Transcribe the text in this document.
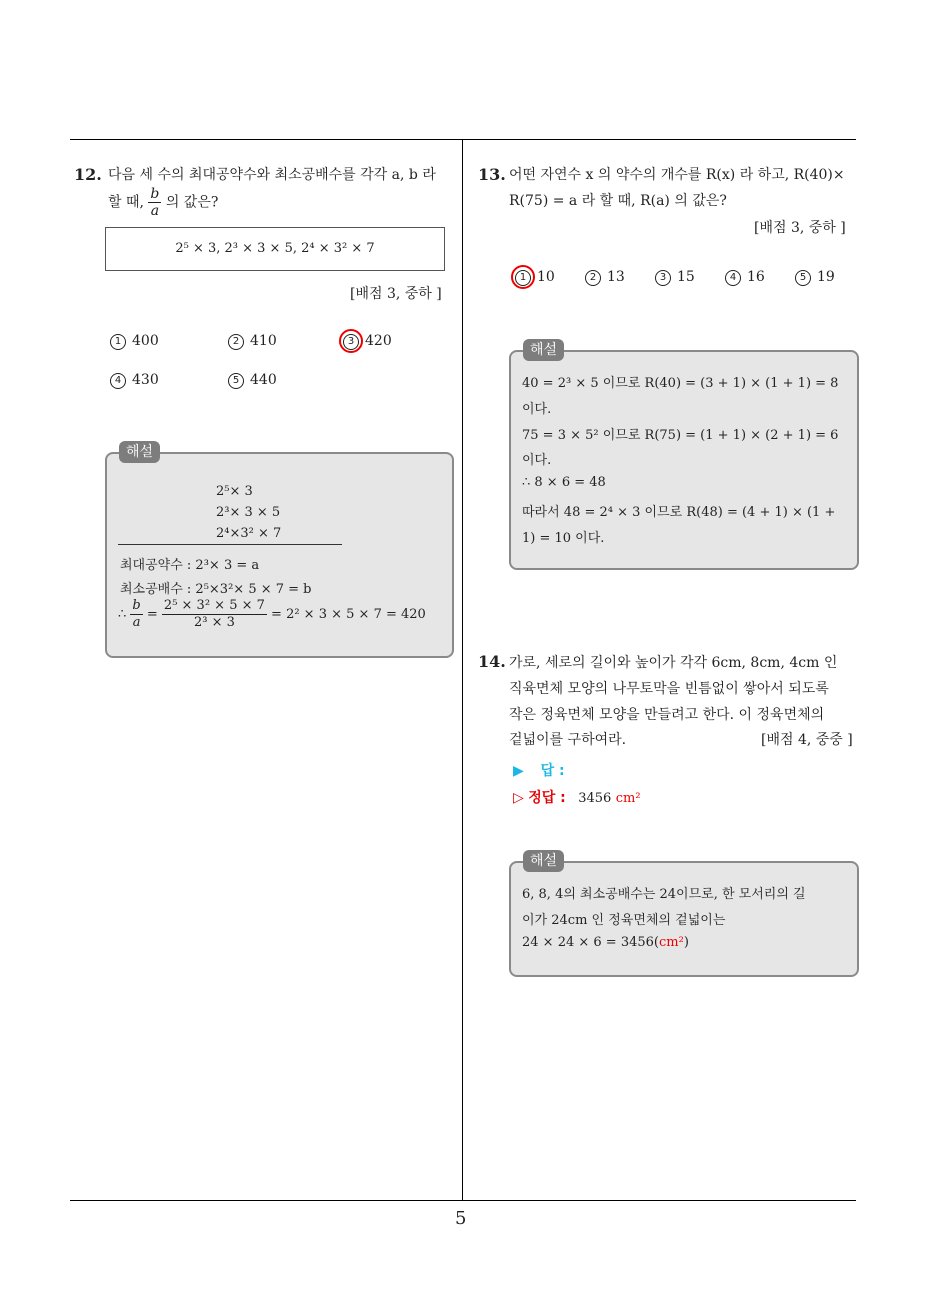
5
12. 다음 세 수의 최대공약수와 최소공배수를 각각 a, b 라
할 때, $\frac{b}{a}$ 의 값은?
2⁵ × 3, 2³ × 3 × 5, 2⁴ × 3² × 7
[배점 3, 중하 ]
1 400	2 410	3 420
4 430	5 440
해설
2⁵× 3
2³× 3 × 5
2⁴×3² × 7
최대공약수 : 2³× 3 = a
최소공배수 : 2⁵×3²× 5 × 7 = b
∴ $\frac{b}{a} = \frac{\text{2⁵ × 3² × 5 × 7}}{\text{2³ × 3}} = 2^2 \times 3 \times 5 \times 7 = 420$
13. 어떤 자연수 x 의 약수의 개수를 R(x) 라 하고, R(40)×
R(75) = a 라 할 때, R(a) 의 값은?
[배점 3, 중하 ]
1 10	2 13	3 15	4 16	5 19
해설
40 = 2³ × 5 이므로 R(40) = (3 + 1) × (1 + 1) = 8
이다.
75 = 3 × 5² 이므로 R(75) = (1 + 1) × (2 + 1) = 6
이다.
∴ 8 × 6 = 48
따라서 48 = 2⁴ × 3 이므로 R(48) = (4 + 1) × (1 +
1) = 10 이다.
14. 가로, 세로의 길이와 높이가 각각 6cm, 8cm, 4cm 인
직육면체 모양의 나무토막을 빈틈없이 쌓아서 되도록
작은 정육면체 모양을 만들려고 한다. 이 정육면체의
겉넓이를 구하여라.	[배점 4, 중중 ]
▶ 답 :
▷ 정답 : 3456 cm²
해설
6, 8, 4의 최소공배수는 24이므로, 한 모서리의 길
이가 24cm 인 정육면체의 겉넓이는
24 × 24 × 6 = 3456(cm²)
